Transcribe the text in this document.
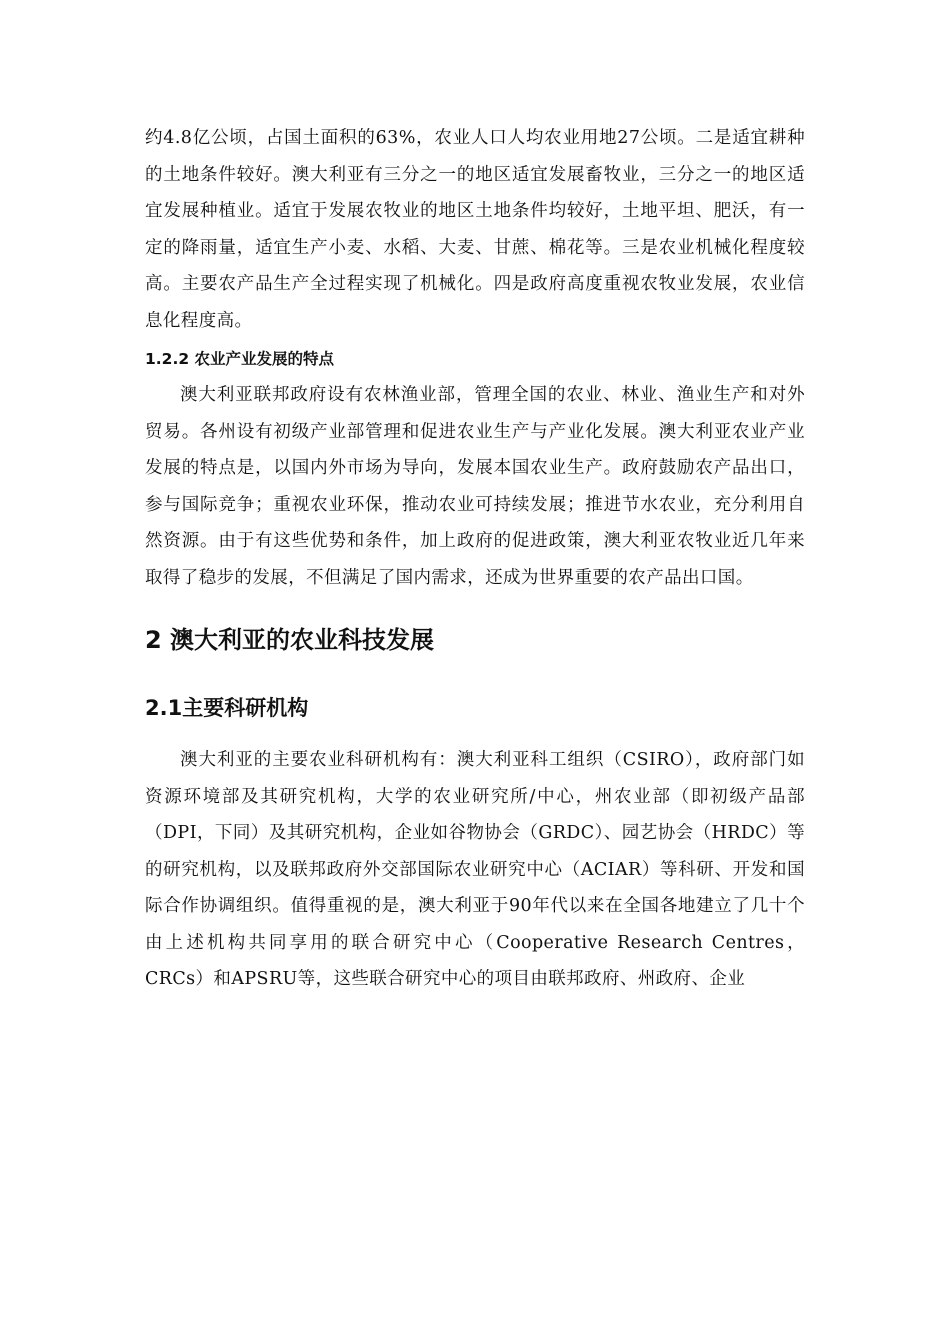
约4.8亿公顷，占国土面积的63%，农业人口人均农业用地27公顷。二是适宜耕种的土地条件较好。澳大利亚有三分之一的地区适宜发展畜牧业，三分之一的地区适宜发展种植业。适宜于发展农牧业的地区土地条件均较好，土地平坦、肥沃，有一定的降雨量，适宜生产小麦、水稻、大麦、甘蔗、棉花等。三是农业机械化程度较高。主要农产品生产全过程实现了机械化。四是政府高度重视农牧业发展，农业信息化程度高。

1.2.2 农业产业发展的特点

澳大利亚联邦政府设有农林渔业部，管理全国的农业、林业、渔业生产和对外贸易。各州设有初级产业部管理和促进农业生产与产业化发展。澳大利亚农业产业发展的特点是，以国内外市场为导向，发展本国农业生产。政府鼓励农产品出口，参与国际竞争；重视农业环保，推动农业可持续发展；推进节水农业，充分利用自然资源。由于有这些优势和条件，加上政府的促进政策，澳大利亚农牧业近几年来取得了稳步的发展，不但满足了国内需求，还成为世界重要的农产品出口国。

2 澳大利亚的农业科技发展
2.1主要科研机构

澳大利亚的主要农业科研机构有：澳大利亚科工组织（CSIRO），政府部门如资源环境部及其研究机构，大学的农业研究所/中心，州农业部（即初级产品部（DPI，下同）及其研究机构，企业如谷物协会（GRDC）、园艺协会（HRDC）等的研究机构，以及联邦政府外交部国际农业研究中心（ACIAR）等科研、开发和国际合作协调组织。值得重视的是，澳大利亚于90年代以来在全国各地建立了几十个由上述机构共同享用的联合研究中心（Cooperative Research Centres，CRCs）和APSRU等，这些联合研究中心的项目由联邦政府、州政府、企业
